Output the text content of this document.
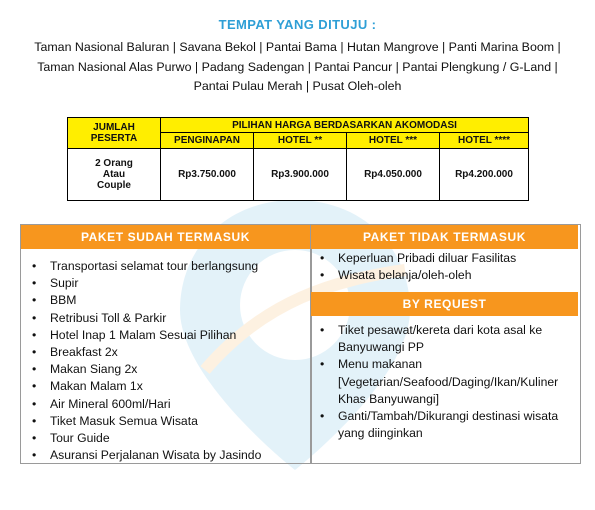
TEMPAT YANG DITUJU :
Taman Nasional Baluran | Savana Bekol | Pantai Bama | Hutan Mangrove | Panti Marina Boom |
Taman Nasional Alas Purwo | Padang Sadengan | Pantai Pancur | Pantai Plengkung / G-Land |
Pantai Pulau Merah | Pusat Oleh-oleh
JUMLAH
PESERTA	PILIHAN HARGA BERDASARKAN AKOMODASI			
	PENGINAPAN	HOTEL **	HOTEL ***	HOTEL ****

2 Orang
Atau
Couple	Rp3.750.000	Rp3.900.000	Rp4.050.000	Rp4.200.000
PAKET SUDAH TERMASUK	PAKET TIDAK TERMASUK
BY REQUEST
• Transportasi selamat tour berlangsung
• Supir
• BBM
• Retribusi Toll & Parkir
• Hotel Inap 1 Malam Sesuai Pilihan
• Breakfast 2x
• Makan Siang 2x
• Makan Malam 1x
• Air Mineral 600ml/Hari
• Tiket Masuk Semua Wisata
• Tour Guide
• Asuransi Perjalanan Wisata by Jasindo
• Keperluan Pribadi diluar Fasilitas
• Wisata belanja/oleh-oleh
• Tiket pesawat/kereta dari kota asal ke Banyuwangi PP
• Menu makanan [Vegetarian/Seafood/Daging/Ikan/Kuliner Khas Banyuwangi]
• Ganti/Tambah/Dikurangi destinasi wisata yang diinginkan
